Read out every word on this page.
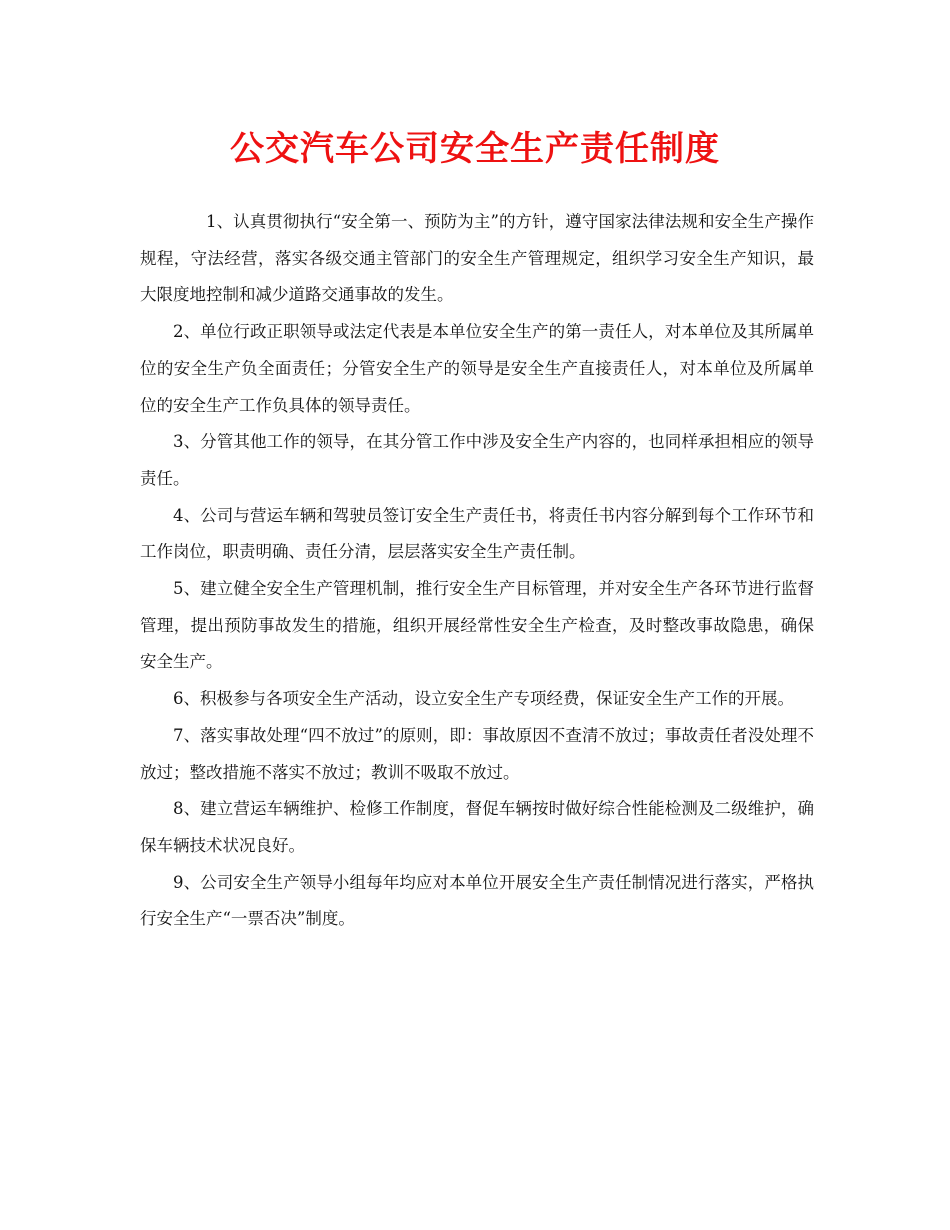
公交汽车公司安全生产责任制度

1、认真贯彻执行“安全第一、预防为主”的方针，遵守国家法律法规和安全生产操作规程，守法经营，落实各级交通主管部门的安全生产管理规定，组织学习安全生产知识，最大限度地控制和减少道路交通事故的发生。

2、单位行政正职领导或法定代表是本单位安全生产的第一责任人，对本单位及其所属单位的安全生产负全面责任；分管安全生产的领导是安全生产直接责任人，对本单位及所属单位的安全生产工作负具体的领导责任。

3、分管其他工作的领导，在其分管工作中涉及安全生产内容的，也同样承担相应的领导责任。

4、公司与营运车辆和驾驶员签订安全生产责任书，将责任书内容分解到每个工作环节和工作岗位，职责明确、责任分清，层层落实安全生产责任制。

5、建立健全安全生产管理机制，推行安全生产目标管理，并对安全生产各环节进行监督管理，提出预防事故发生的措施，组织开展经常性安全生产检查，及时整改事故隐患，确保安全生产。

6、积极参与各项安全生产活动，设立安全生产专项经费，保证安全生产工作的开展。

7、落实事故处理“四不放过”的原则，即：事故原因不查清不放过；事故责任者没处理不放过；整改措施不落实不放过；教训不吸取不放过。

8、建立营运车辆维护、检修工作制度，督促车辆按时做好综合性能检测及二级维护，确保车辆技术状况良好。

9、公司安全生产领导小组每年均应对本单位开展安全生产责任制情况进行落实，严格执行安全生产“一票否决”制度。
